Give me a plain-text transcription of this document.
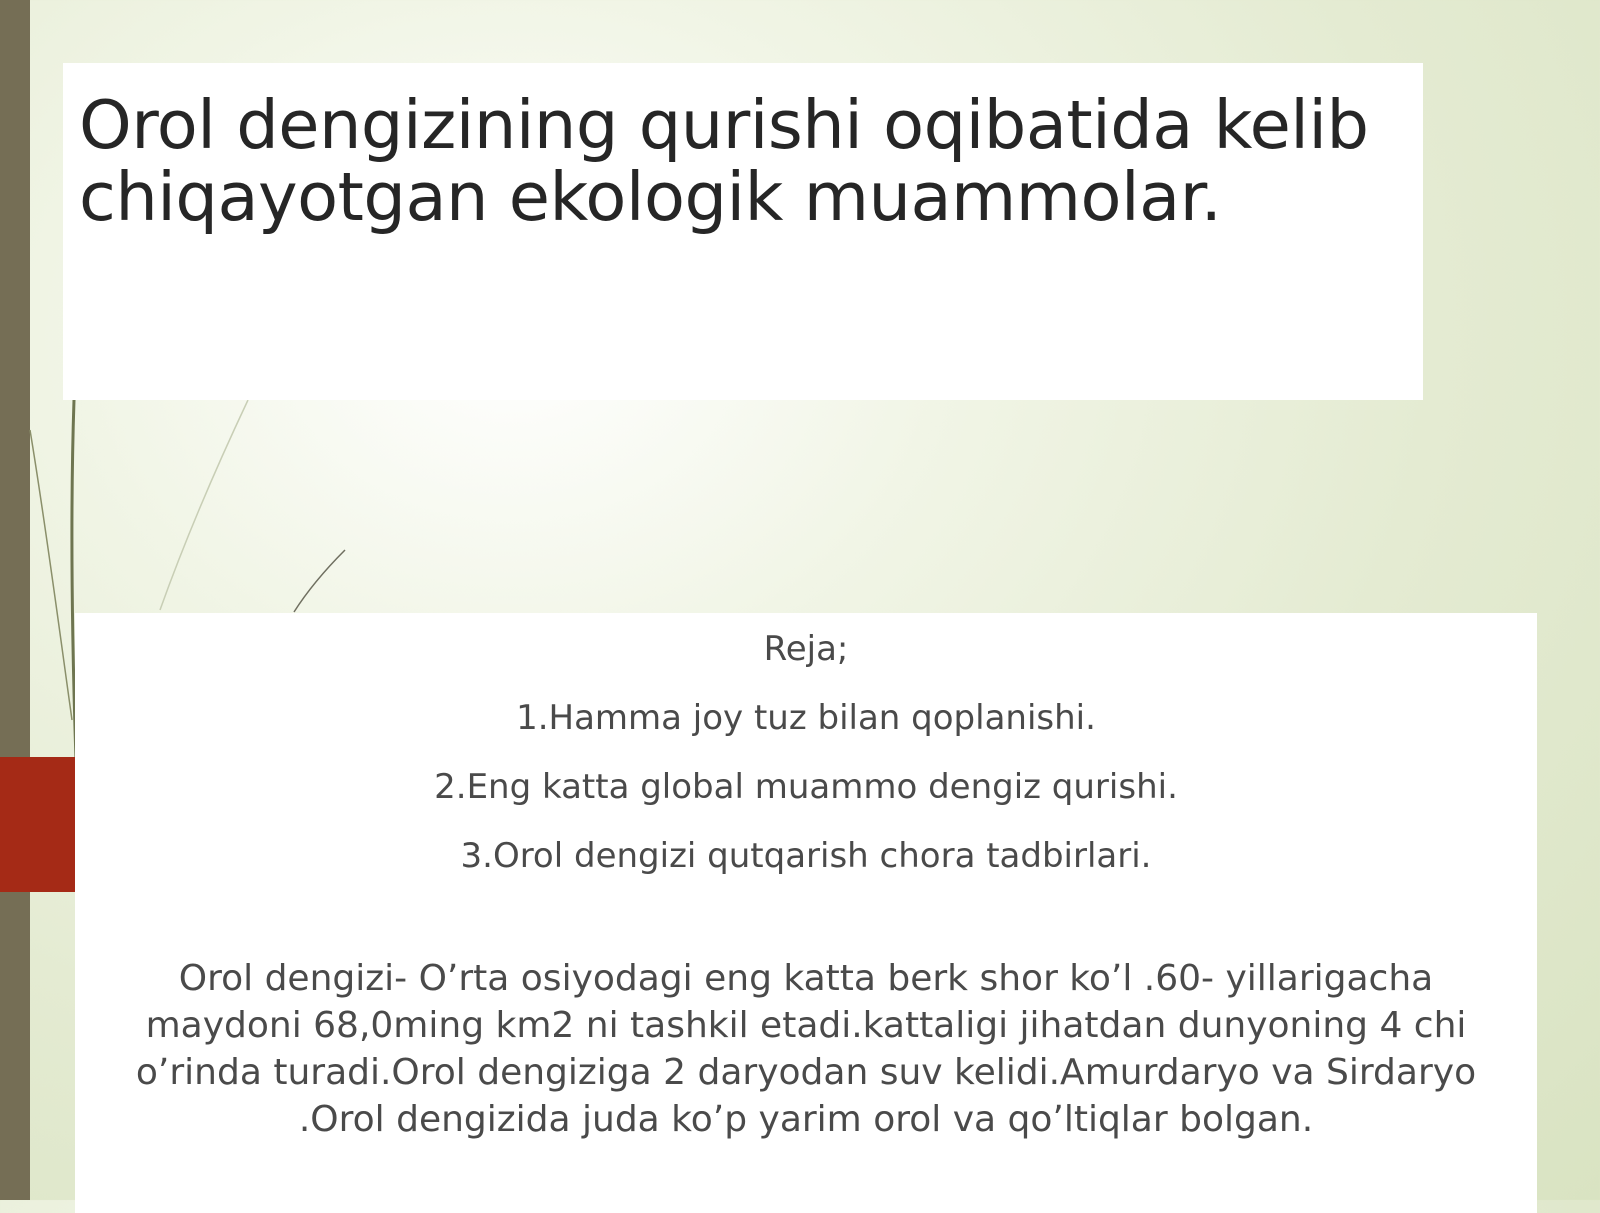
Orol dengizining qurishi oqibatida kelib chiqayotgan ekologik muammolar.

Reja;

1.Hamma joy tuz bilan qoplanishi.
2.Eng katta global muammo dengiz qurishi.
3.Orol dengizi qutqarish chora tadbirlari.

Orol dengizi- O’rta osiyodagi eng katta berk shor ko’l .60- yillarigacha maydoni 68,0ming km2 ni tashkil etadi.kattaligi jihatdan dunyoning 4 chi o’rinda turadi.Orol dengiziga 2 daryodan suv kelidi.Amurdaryo va Sirdaryo .Orol dengizida juda ko’p yarim orol va qo’ltiqlar bolgan.
